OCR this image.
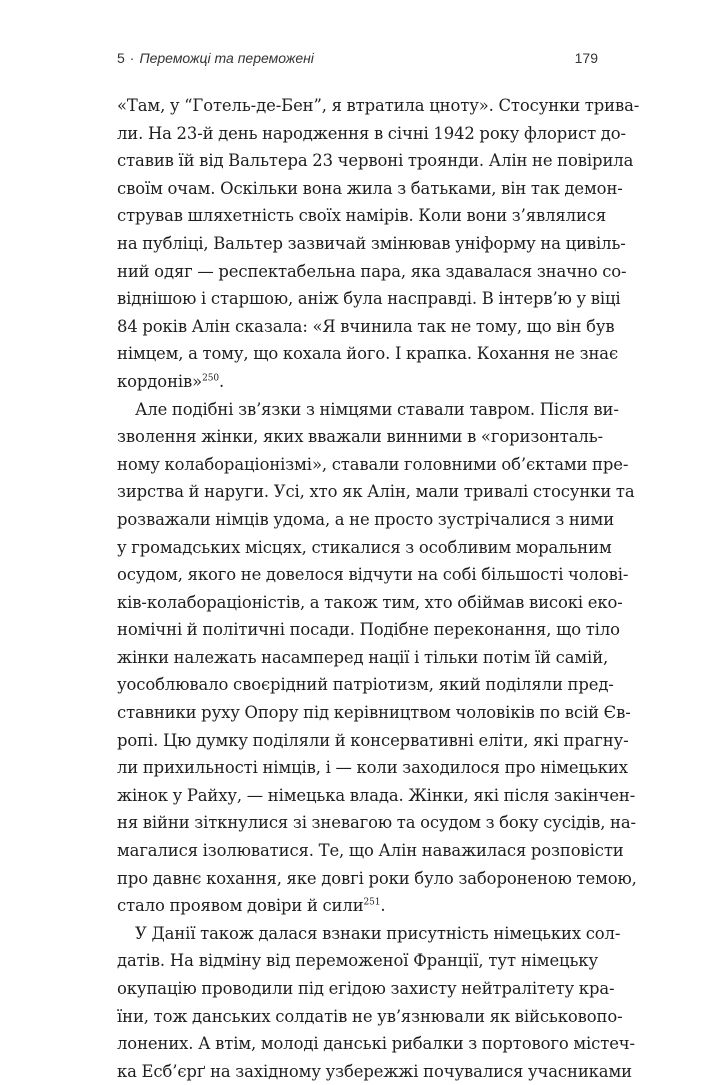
5 · Переможці та переможені	179
«Там, у “Готель-де-Бен”, я втратила цноту». Стосунки трива-
ли. На 23-й день народження в січні 1942 року флорист до-
ставив їй від Вальтера 23 червоні троянди. Алін не повірила
своїм очам. Оскільки вона жила з батьками, він так демон-
стрував шляхетність своїх намірів. Коли вони з’являлися
на публіці, Вальтер зазвичай змінював уніформу на цивіль-
ний одяг — респектабельна пара, яка здавалася значно со-
віднішою і старшою, аніж була насправді. В інтерв’ю у віці
84 років Алін сказала: «Я вчинила так не тому, що він був
німцем, а тому, що кохала його. І крапка. Кохання не знає
кордонів»$^{250}$.
Але подібні зв’язки з німцями ставали тавром. Після ви-
зволення жінки, яких вважали винними в «горизонталь-
ному колабораціонізмі», ставали головними об’єктами пре-
зирства й наруги. Усі, хто як Алін, мали тривалі стосунки та
розважали німців удома, а не просто зустрічалися з ними
у громадських місцях, стикалися з особливим моральним
осудом, якого не довелося відчути на собі більшості чолові-
ків-колабораціоністів, а також тим, хто обіймав високі еко-
номічні й політичні посади. Подібне переконання, що тіло
жінки належать насамперед нації і тільки потім їй самій,
уособлювало своєрідний патріотизм, який поділяли пред-
ставники руху Опору під керівництвом чоловіків по всій Єв-
ропі. Цю думку поділяли й консервативні еліти, які прагну-
ли прихильності німців, і — коли заходилося про німецьких
жінок у Райху, — німецька влада. Жінки, які після закінчен-
ня війни зіткнулися зі зневагою та осудом з боку сусідів, на-
магалися ізолюватися. Те, що Алін наважилася розповісти
про давнє кохання, яке довгі роки було забороненою темою,
стало проявом довіри й сили$^{251}$.
У Данії також далася взнаки присутність німецьких сол-
датів. На відміну від переможеної Франції, тут німецьку
окупацію проводили під егідою захисту нейтралітету кра-
їни, тож данських солдатів не ув’язнювали як військовопо-
лонених. А втім, молоді данські рибалки з портового містеч-
ка Есб’єрґ на західному узбережжі почувалися учасниками
